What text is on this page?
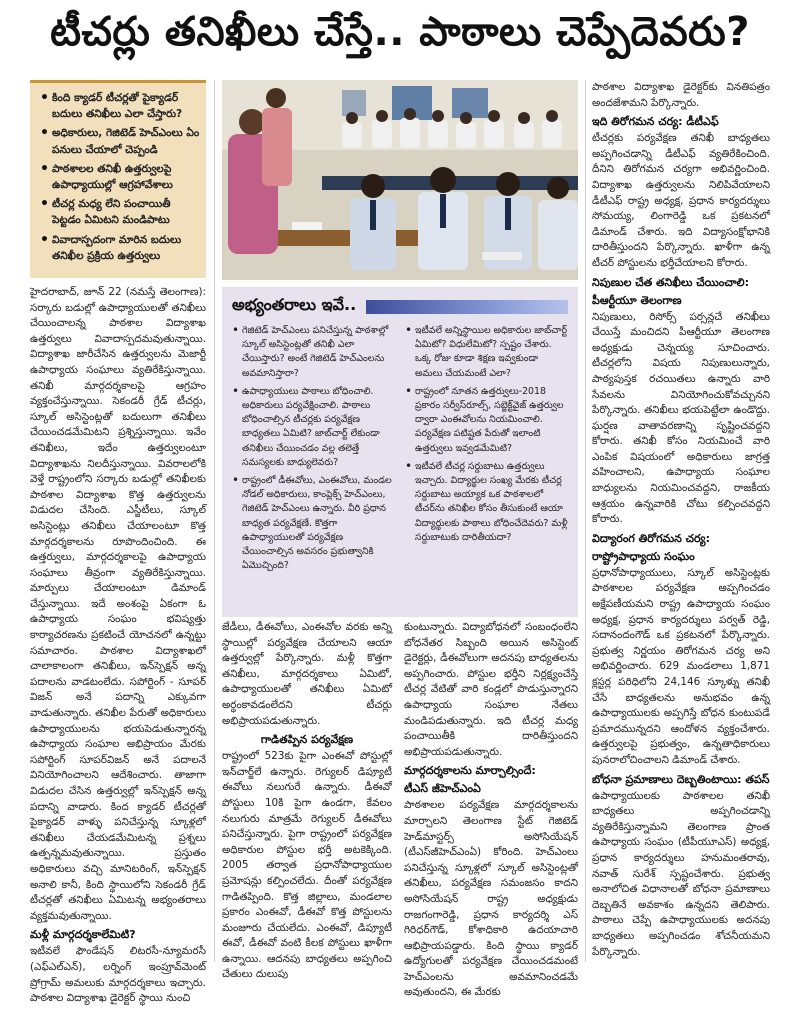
టీచర్లు తనిఖీలు చేస్తే.. పాఠాలు చెప్పేదెవరు?
• కింది క్యాడర్ టీచర్లతో పైక్యాడర్ బదులు తనిఖీలు ఎలా చేస్తారు?
• అధికారులు, గెజిటెడ్ హెచ్ఎంలు ఏం పనులు చేయాలో చెప్పండి
• పాఠశాలల తనిఖీ ఉత్తర్వులపై ఉపాధ్యాయుల్లో ఆగ్రహావేశాలు
• టీచర్ల మధ్య లేని పంచాయితీ పెట్టడం ఏమిటని మండిపాటు
• వివాదాస్పదంగా మారిన బదులు తనిఖీల ప్రక్రియ ఉత్తర్వులు
అభ్యంతరాలు ఇవే..
• గెజిటెడ్ హెచ్ఎంలు పనిచేస్తున్న పాఠశాల్లో స్కూల్ అసిస్టెంట్లతో తనిఖీ ఎలా చేయిస్తారు? అంటే గెజిటెడ్ హెచ్ఎంలను అవమానిస్తారా?
• ఉపాధ్యాయులు పాఠాలు బోధించాలి. అధికారులు పర్యవేక్షించాలి. పాఠాలు బోధించాల్సిన టీచర్లకు పర్యవేక్షణ బాధ్యతలు ఏమిటి? జాబ్‌చార్ట్ లేకుండా తనిఖీలు చేయించడం వల్ల తలెత్తే సమస్యలకు బాధ్యులెవరు?
• రాష్ట్రంలో డీఈవోలు, ఎంఈవోలు, మండల నోడల్ అధికారులు, కాంప్లెక్స్ హెచ్ఎంలు, గెజిటెడ్ హెచ్ఎంలు ఉన్నారు. వీరి ప్రధాన బాధ్యత పర్యవేక్షణే. కొత్తగా ఉపాధ్యాయులతో పర్యవేక్షణ చేయించాల్సిన అవసరం ప్రభుత్వానికి ఏమొచ్చింది?
• ఇటీవలే అన్నిస్థాయిల అధికారుల జాబ్‌చార్ట్ ఏమిటో? విధులేమిటో? స్పష్టం చేశారు. ఒక్క రోజు కూడా శిక్షణ ఇవ్వకుండా అమలు చేయమంటే ఎలా?
• రాష్ట్రంలో నూతన ఉత్తర్వులు-2018 ప్రకారం సర్వీస్‌రూల్స్, సబ్జెక్ట్‌వైజ్ ఉత్తర్వుల ద్వారా ఎంఈవోలను నియమించాలి. పర్యవేక్షణ పటిష్టత పేరుతో ఇలాంటి ఉత్తర్వులు ఇవ్వడమేమిటి?
• ఇటీవలే టీచర్ల సర్దుబాటు ఉత్తర్వులు ఇచ్చారు. విద్యార్థుల సంఖ్య మేరకు టీచర్ల సర్దుబాటు అయ్యాక ఒక పాఠశాలలో టీచర్‌ను తనిఖీల కోసం తీసుకుంటే ఆయా విద్యార్థులకు పాఠాలు బోధించేదెవరు? మళ్లీ సర్దుబాటుకు దారితీయదా?

హైదరాబాద్, జూన్ 22 (నమస్తే తెలంగాణ): సర్కారు బడుల్లో ఉపాధ్యాయులతో తనిఖీలు చేయించాలన్న పాఠశాల విద్యాశాఖ ఉత్తర్వులు వివాదాస్పదమవుతున్నాయి. విద్యాశాఖ జారీచేసిన ఉత్తర్వులను మెజార్టీ ఉపాధ్యాయ సంఘాలు వ్యతిరేకిస్తున్నాయి. తనిఖీ మార్గదర్శకాలపై ఆగ్రహం వ్యక్తంచేస్తున్నాయి. సెకండరీ గ్రేడ్ టీచర్లు, స్కూల్ అసిస్టెంట్లతో బదులుగా తనిఖీలు చేయించడమేమిటని ప్రశ్నిస్తున్నాయి. ఇవేం తనిఖీలు, ఇదేం ఉత్తర్వులంటూ విద్యాశాఖను నిలదీస్తున్నాయి. వివరాలలోకి వెళ్తే రాష్ట్రంలోని సర్కారు బడుల్లో తనిఖీలకు పాఠశాల విద్యాశాఖ కొత్త ఉత్తర్వులను విడుదల చేసింది. ఎస్జీటీలు, స్కూల్ అసిస్టెంట్లు తనిఖీలు చేయాలంటూ కొత్త మార్గదర్శకాలను రూపొందించింది. ఈ ఉత్తర్వులు, మార్గదర్శకాలపై ఉపాధ్యాయ సంఘాలు తీవ్రంగా వ్యతిరేకిస్తున్నాయి. మార్పులు చేయాలంటూ డిమాండ్ చేస్తున్నాయి. ఇదే అంశంపై ఏకంగా ఓ ఉపాధ్యాయ సంఘం భవిష్యత్తు కార్యాచరణను ప్రకటించే యోచనలో ఉన్నట్టు సమాచారం. పాఠశాల విద్యాశాఖలో చాలాకాలంగా తనిఖీలు, ఇన్‌స్పెక్షన్ అన్న పదాలను వాడటంలేదు. సపోర్టింగ్ - సూపర్ విజన్ అనే పదాన్ని ఎక్కువగా వాడుతున్నారు. తనిఖీల పేరుతో అధికారులు ఉపాధ్యాయులను భయపెడుతున్నారన్న ఉపాధ్యాయ సంఘాల అభిప్రాయం మేరకు సపోర్టింగ్ సూపర్‌విజన్ అనే పదాలనే వినియోగించాలని ఆదేశించారు. తాజాగా విడుదల చేసిన ఉత్తర్వుల్లో ఇన్‌స్పెక్షన్ అన్న పదాన్ని వాడారు. కింద క్యాడర్ టీచర్లతో పైక్యాడర్ వాళ్ళు పనిచేస్తున్న స్కూళ్లలో తనిఖీలు చేయడమేమిటన్న ప్రశ్నలు ఉత్పన్నమవుతున్నాయి. ప్రస్తుతం అధికారులు వచ్చి మానిటరింగ్, ఇన్‌స్పెక్షన్ అనాలి కానీ, కింది స్థాయిలోని సెకండరీ గ్రేడ్ టీచర్లతో తనిఖీలు ఏమిటన్న అభ్యంతరాలు వ్యక్తమవుతున్నాయి.

మళ్లీ మార్గదర్శకాలేమిటి?

ఇటీవలే ఫౌండేషన్ లిటరసీ-న్యూమరసీ (ఎఫ్ఎల్ఎన్), లర్నింగ్ ఇంప్రూవ్‌మెంట్ ప్రోగ్రామ్ అమలుకు మార్గదర్శకాలు ఇచ్చారు. పాఠశాల విద్యాశాఖ డైరెక్టర్ స్థాయి నుంచి

జేడీలు, డీఈవోలు, ఎంఈవోల వరకు అన్ని స్థాయిల్లో పర్యవేక్షణ చేయాలని ఆయా ఉత్తర్వుల్లో పేర్కొన్నారు. మళ్లీ కొత్తగా తనిఖీలు, మార్గదర్శకాలు ఏమిటో, ఉపాధ్యాయులతో తనిఖీలు ఏమిటో అర్థంకావడంలేదని టీచర్లు అభిప్రాయపడుతున్నారు.

గాడితప్పిన పర్యవేక్షణ

రాష్ట్రంలో 523కు పైగా ఎంఈవో పోస్టుల్లో ఇన్‌చార్జ్‌లే ఉన్నారు. రెగ్యులర్ డిప్యూటీ ఈవోలు నలుగురే ఉన్నారు. డీఈవో పోస్టులు 10కి పైగా ఉండగా, కేవలం నలుగురు మాత్రమే రెగ్యులర్ డీఈవోలు పనిచేస్తున్నారు. పైగా రాష్ట్రంలో పర్యవేక్షణ అధికారుల పోస్టుల భర్తీ అటకెక్కింది. 2005 తర్వాత ప్రధానోపాధ్యాయుల ప్రమోషన్లు కల్పించలేదు. దీంతో పర్యవేక్షణ గాడితప్పింది. కొత్త జిల్లాలు, మండలాల ప్రకారం ఎంఈవో, డీఈవో కొత్త పోస్టులను మంజూరు చేయలేదు. ఎంఈవో, డిప్యూటీ ఈవో, డీఈవో వంటి కీలక పోస్టులు ఖాళీగా ఉన్నాయి. ఆదనపు బాధ్యతలు అప్పగించి చేతులు దులుపు

కుంటున్నారు. విద్యాబోధనలో సంబంధంలేని బోధనేతర సిబ్బంది అయిన అసిస్టెంట్ డైరెక్టర్లు, డీఈవోలుగా అదనపు బాధ్యతలను అప్పగించారు. పోస్టుల భర్తీని నిర్లక్ష్యంచేస్తే టీచర్ల వేటితో వారి కండ్లలో పొడుస్తున్నారని ఉపాధ్యాయ సంఘాల నేతలు మండిపడుతున్నారు. ఇది టీచర్ల మధ్య పంచాయితీకి దారితీస్తుందని అభిప్రాయపడుతున్నారు.

మార్గదర్శకాలను మార్చాల్సిందే:
టీఎస్ జీహెచ్ఎంఏ

పాఠశాలల పర్యవేక్షణ మార్గదర్శకాలను మార్చాలని తెలంగాణ స్టేట్ గెజిటెడ్ హెడ్‌మాస్టర్స్ అసోసియేషన్ (టీఎస్‌జీహెచ్ఎంఏ) కోరింది. హెచ్ఎంలు పనిచేస్తున్న స్కూళ్లలో స్కూల్ అసిస్టెంట్లతో తనిఖీలు, పర్యవేక్షణ సమంజసం కాదని అసోసియేషన్ రాష్ట్ర అధ్యక్షుడు రాజగంగారెడ్డి, ప్రధాన కార్యదర్శి ఎస్ గిరిధర్‌గౌడ్, కోశాధికారి ఉదయాచారి ఆభిప్రాయపడ్డారు. కింది స్థాయి క్యాడర్ ఉద్యోగులతో పర్యవేక్షణ చేయించడమంటే హెచ్ఎంలను అవమానించడమే అవుతుందని, ఈ మేరకు

పాఠశాల విద్యాశాఖ డైరెక్టర్‌కు వినతిపత్రం అందజేశామని పేర్కొన్నారు.

ఇది తిరోగమన చర్య: డీటీఎఫ్

టీచర్లకు పర్యవేక్షణ తనిఖీ బాధ్యతలు అప్పగించడాన్ని డీటీఎఫ్ వ్యతిరేకించింది. దీనిని తిరోగమన చర్యగా అభివర్ణించింది. విద్యాశాఖ ఉత్తర్వులను నిలిపివేయాలని డీటీఎఫ్ రాష్ట్ర అధ్యక్ష, ప్రధాన కార్యదర్శులు సోమయ్య, లింగారెడ్డి ఒక ప్రకటనలో డిమాండ్ చేశారు. ఇది విద్యాసంక్షోభానికి దారితీస్తుందని పేర్కొన్నారు. ఖాళీగా ఉన్న టీచర్ పోస్టులను భర్తీచేయాలని కోరారు.

నిపుణుల చేత తనిఖీలు చేయించాలి:
పీఆర్టీయూ తెలంగాణ

నిపుణులు, రిసోర్స్ పర్సన్లచే తనిఖీలు చేయిస్తే మంచిదని పీఆర్టీయూ తెలంగాణ అధ్యక్షుడు చెన్నయ్య సూచించారు. టీచర్లలోని విషయ నిపుణులున్నారు, పాఠ్యపుస్తక రచయితలు ఉన్నారు వారి సేవలను వినియోగించుకోవచ్చునని పేర్కొన్నారు. తనిఖీలు భయపెట్టేలా ఉండొద్దు. ఘర్షణ వాతావరణాన్ని సృష్టించవద్దని కోరారు. తనిఖీ కోసం నియమించే వారి ఎంపిక విషయంలో అధికారులు జాగ్రత్త వహించాలని, ఉపాధ్యాయ సంఘాల బాధ్యులను నియమించవద్దని, రాజకీయ ఆశ్రయం ఉన్నవారికి చోటు కల్పించవద్దని కోరారు.

విద్యారంగ తిరోగమన చర్య:
రాష్ట్రోపాధ్యాయ సంఘం

ప్రధానోపాధ్యాయులు, స్కూల్ అసిస్టెంట్లకు పాఠశాలల పర్యవేక్షణ అప్పగించడం అక్షేపణీయమని రాష్ట్ర ఉపాధ్యాయ సంఘం అధ్యక్ష, ప్రధాన కార్యదర్శులు పర్వత్ రెడ్డి, సదానందంగౌడ్ ఒక ప్రకటనలో పేర్కొన్నారు. ప్రభుత్వ నిర్ణయం తిరోగమన చర్య అని అభివర్ణించారు. 629 మండలాలు 1,871 క్లస్టర్ల పరిధిలోని 24,146 స్కూళ్ను తనిఖీ చేసే బాధ్యతలను అనుభవం ఉన్న ఉపాధ్యాయులకు అప్పగిస్తే బోధన కుంటుపడే ప్రమాదమున్నదని ఆందోళన వ్యక్తంచేశారు. ఉత్తర్వులపై ప్రభుత్వం, ఉన్నతాధికారులు పునరాలోచించాలని డిమాండ్ చేశారు.

బోధనా ప్రమాణాలు దెబ్బతింటాయి: తపస్

ఉపాధ్యాయులకు పాఠశాలల తనిఖీ బాధ్యతలు అప్పగించడాన్ని వ్యతిరేకిస్తున్నామని తెలంగాణ ప్రాంత ఉపాధ్యాయ సంఘం (టీపీయూఎస్) అధ్యక్ష, ప్రధాన కార్యదర్శులు హనుమంతరావు, నవాత్ సురేశ్ స్పష్టంచేశారు. ప్రభుత్వ అనాలోచిత విధానాలతో బోధనా ప్రమాణాలు దెబ్బతినే అవకాశం ఉన్నదని తెలిపారు. పాఠాలు చెప్పే ఉపాధ్యాయులకు అదనపు బాధ్యతలు అప్పగించడం శోచనీయమని పేర్కొన్నారు.
